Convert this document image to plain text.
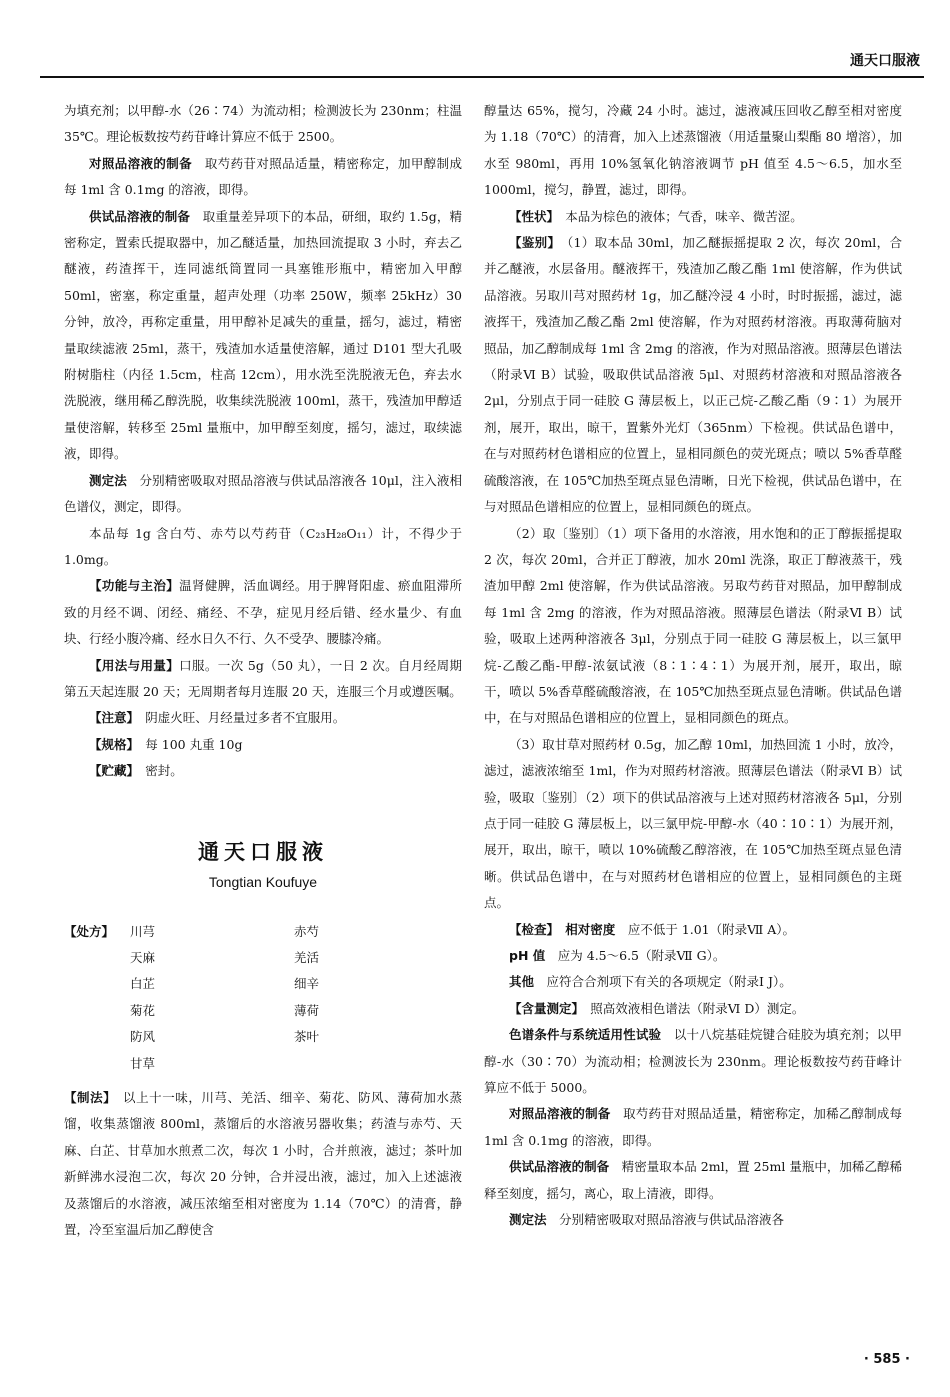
通天口服液

为填充剂；以甲醇-水（26∶74）为流动相；检测波长为 230nm；柱温 35℃。理论板数按芍药苷峰计算应不低于 2500。

对照品溶液的制备　 取芍药苷对照品适量，精密称定，加甲醇制成每 1ml 含 0.1mg 的溶液，即得。

供试品溶液的制备　 取重量差异项下的本品，研细，取约 1.5g，精密称定，置索氏提取器中，加乙醚适量，加热回流提取 3 小时，弃去乙醚液，药渣挥干，连同滤纸筒置同一具塞锥形瓶中，精密加入甲醇 50ml，密塞，称定重量，超声处理（功率 250W，频率 25kHz）30 分钟，放冷，再称定重量，用甲醇补足减失的重量，摇匀，滤过，精密量取续滤液 25ml，蒸干，残渣加水适量使溶解，通过 D101 型大孔吸附树脂柱（内径 1.5cm，柱高 12cm），用水洗至洗脱液无色，弃去水洗脱液，继用稀乙醇洗脱，收集续洗脱液 100ml，蒸干，残渣加甲醇适量使溶解，转移至 25ml 量瓶中，加甲醇至刻度，摇匀，滤过，取续滤液，即得。

测定法　 分别精密吸取对照品溶液与供试品溶液各 10μl，注入液相色谱仪，测定，即得。

本品每 1g 含白芍、赤芍以芍药苷（C₂₃H₂₈O₁₁）计，不得少于 1.0mg。

【功能与主治】温肾健脾，活血调经。用于脾肾阳虚、瘀血阻滞所致的月经不调、闭经、痛经、不孕，症见月经后错、经水量少、有血块、行经小腹冷痛、经水日久不行、久不受孕、腰膝冷痛。

【用法与用量】口服。一次 5g（50 丸），一日 2 次。自月经周期第五天起连服 20 天；无周期者每月连服 20 天，连服三个月或遵医嘱。

【注意】　 阴虚火旺、月经量过多者不宜服用。

【规格】　 每 100 丸重 10g

【贮藏】　 密封。

通天口服液
Tongtian Koufuye
【处方】	川芎	赤芍
	天麻	羌活
	白芷	细辛
	菊花	薄荷
	防风	茶叶
	甘草	

【制法】　 以上十一味，川芎、羌活、细辛、菊花、防风、薄荷加水蒸馏，收集蒸馏液 800ml，蒸馏后的水溶液另器收集；药渣与赤芍、天麻、白芷、甘草加水煎煮二次，每次 1 小时，合并煎液，滤过；茶叶加新鲜沸水浸泡二次，每次 20 分钟，合并浸出液，滤过，加入上述滤液及蒸馏后的水溶液，减压浓缩至相对密度为 1.14（70℃）的清膏，静置，冷至室温后加乙醇使含

醇量达 65%，搅匀，冷藏 24 小时。滤过，滤液减压回收乙醇至相对密度为 1.18（70℃）的清膏，加入上述蒸馏液（用适量聚山梨酯 80 增溶），加水至 980ml，再用 10%氢氧化钠溶液调节 pH 值至 4.5～6.5，加水至 1000ml，搅匀，静置，滤过，即得。

【性状】　 本品为棕色的液体；气香，味辛、微苦涩。

【鉴别】　 （1）取本品 30ml，加乙醚振摇提取 2 次，每次 20ml，合并乙醚液，水层备用。醚液挥干，残渣加乙酸乙酯 1ml 使溶解，作为供试品溶液。另取川芎对照药材 1g，加乙醚冷浸 4 小时，时时振摇，滤过，滤液挥干，残渣加乙酸乙酯 2ml 使溶解，作为对照药材溶液。再取薄荷脑对照品，加乙醇制成每 1ml 含 2mg 的溶液，作为对照品溶液。照薄层色谱法（附录Ⅵ B）试验，吸取供试品溶液 5μl、对照药材溶液和对照品溶液各 2μl，分别点于同一硅胶 G 薄层板上，以正己烷-乙酸乙酯（9∶1）为展开剂，展开，取出，晾干，置紫外光灯（365nm）下检视。供试品色谱中，在与对照药材色谱相应的位置上，显相同颜色的荧光斑点；喷以 5%香草醛硫酸溶液，在 105℃加热至斑点显色清晰，日光下检视，供试品色谱中，在与对照品色谱相应的位置上，显相同颜色的斑点。

（2）取〔鉴别〕（1）项下备用的水溶液，用水饱和的正丁醇振摇提取 2 次，每次 20ml，合并正丁醇液，加水 20ml 洗涤，取正丁醇液蒸干，残渣加甲醇 2ml 使溶解，作为供试品溶液。另取芍药苷对照品，加甲醇制成每 1ml 含 2mg 的溶液，作为对照品溶液。照薄层色谱法（附录Ⅵ B）试验，吸取上述两种溶液各 3μl，分别点于同一硅胶 G 薄层板上，以三氯甲烷-乙酸乙酯-甲醇-浓氨试液（8∶1∶4∶1）为展开剂，展开，取出，晾干，喷以 5%香草醛硫酸溶液，在 105℃加热至斑点显色清晰。供试品色谱中，在与对照品色谱相应的位置上，显相同颜色的斑点。

（3）取甘草对照药材 0.5g，加乙醇 10ml，加热回流 1 小时，放冷，滤过，滤液浓缩至 1ml，作为对照药材溶液。照薄层色谱法（附录Ⅵ B）试验，吸取〔鉴别〕（2）项下的供试品溶液与上述对照药材溶液各 5μl，分别点于同一硅胶 G 薄层板上，以三氯甲烷-甲醇-水（40∶10∶1）为展开剂，展开，取出，晾干，喷以 10%硫酸乙醇溶液，在 105℃加热至斑点显色清晰。供试品色谱中，在与对照药材色谱相应的位置上，显相同颜色的主斑点。

【检查】　 相对密度　 应不低于 1.01（附录Ⅶ A）。

pH 值　 应为 4.5～6.5（附录Ⅶ G）。

其他　 应符合合剂项下有关的各项规定（附录Ⅰ J）。

【含量测定】　 照高效液相色谱法（附录Ⅵ D）测定。

色谱条件与系统适用性试验　 以十八烷基硅烷键合硅胶为填充剂；以甲醇-水（30∶70）为流动相；检测波长为 230nm。理论板数按芍药苷峰计算应不低于 5000。

对照品溶液的制备　 取芍药苷对照品适量，精密称定，加稀乙醇制成每 1ml 含 0.1mg 的溶液，即得。

供试品溶液的制备　 精密量取本品 2ml，置 25ml 量瓶中，加稀乙醇稀释至刻度，摇匀，离心，取上清液，即得。

测定法　 分别精密吸取对照品溶液与供试品溶液各

· 585 ·
